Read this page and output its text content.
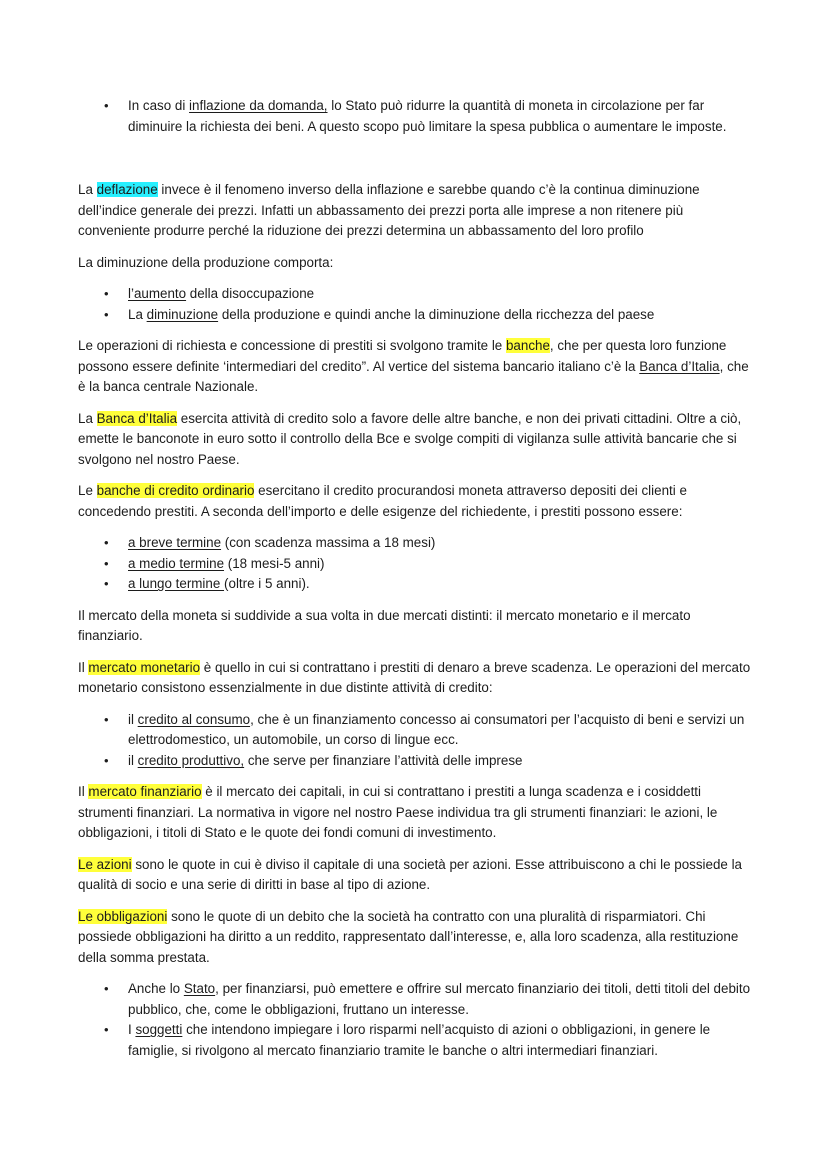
• In caso di inflazione da domanda, lo Stato può ridurre la quantità di moneta in circolazione per far diminuire la richiesta dei beni. A questo scopo può limitare la spesa pubblica o aumentare le imposte.

La deflazione invece è il fenomeno inverso della inflazione e sarebbe quando c’è la continua diminuzione dell’indice generale dei prezzi. Infatti un abbassamento dei prezzi porta alle imprese a non ritenere più conveniente produrre perché la riduzione dei prezzi determina un abbassamento del loro profilo

La diminuzione della produzione comporta:

• l’aumento della disoccupazione
• La diminuzione della produzione e quindi anche la diminuzione della ricchezza del paese

Le operazioni di richiesta e concessione di prestiti si svolgono tramite le banche, che per questa loro funzione possono essere definite ‘intermediari del credito”. Al vertice del sistema bancario italiano c’è la Banca d’Italia, che è la banca centrale Nazionale.

La Banca d’Italia esercita attività di credito solo a favore delle altre banche, e non dei privati cittadini. Oltre a ciò, emette le banconote in euro sotto il controllo della Bce e svolge compiti di vigilanza sulle attività bancarie che si svolgono nel nostro Paese.

Le banche di credito ordinario esercitano il credito procurandosi moneta attraverso depositi dei clienti e concedendo prestiti. A seconda dell’importo e delle esigenze del richiedente, i prestiti possono essere:

• a breve termine (con scadenza massima a 18 mesi)
• a medio termine (18 mesi-5 anni)
• a lungo termine (oltre i 5 anni).

Il mercato della moneta si suddivide a sua volta in due mercati distinti: il mercato monetario e il mercato finanziario.

Il mercato monetario è quello in cui si contrattano i prestiti di denaro a breve scadenza. Le operazioni del mercato monetario consistono essenzialmente in due distinte attività di credito:

• il credito al consumo, che è un finanziamento concesso ai consumatori per l’acquisto di beni e servizi un elettrodomestico, un automobile, un corso di lingue ecc.
• il credito produttivo, che serve per finanziare l’attività delle imprese

Il mercato finanziario è il mercato dei capitali, in cui si contrattano i prestiti a lunga scadenza e i cosiddetti strumenti finanziari. La normativa in vigore nel nostro Paese individua tra gli strumenti finanziari: le azioni, le obbligazioni, i titoli di Stato e le quote dei fondi comuni di investimento.

Le azioni sono le quote in cui è diviso il capitale di una società per azioni. Esse attribuiscono a chi le possiede la qualità di socio e una serie di diritti in base al tipo di azione.

Le obbligazioni sono le quote di un debito che la società ha contratto con una pluralità di risparmiatori. Chi possiede obbligazioni ha diritto a un reddito, rappresentato dall’interesse, e, alla loro scadenza, alla restituzione della somma prestata.

• Anche lo Stato, per finanziarsi, può emettere e offrire sul mercato finanziario dei titoli, detti titoli del debito pubblico, che, come le obbligazioni, fruttano un interesse.
• I soggetti che intendono impiegare i loro risparmi nell’acquisto di azioni o obbligazioni, in genere le famiglie, si rivolgono al mercato finanziario tramite le banche o altri intermediari finanziari.
